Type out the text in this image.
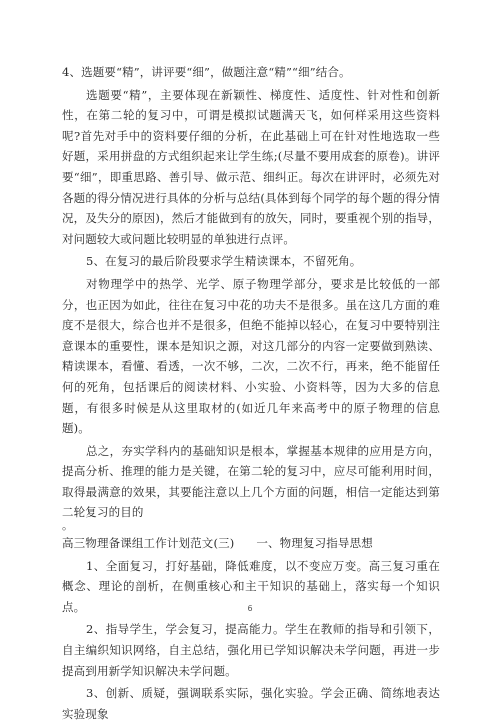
4、选题要“精”，讲评要“细”，做题注意“精”“细”结合。

选题要“精”，主要体现在新颖性、梯度性、适度性、针对性和创新性，在第二轮的复习中，可谓是模拟试题满天飞，如何样采用这些资料呢?首先对手中的资料要仔细的分析，在此基础上可在针对性地选取一些好题，采用拼盘的方式组织起来让学生练;(尽量不要用成套的原卷)。讲评要“细”，即重思路、善引导、做示范、细纠正。每次在讲评时，必须先对各题的得分情况进行具体的分析与总结(具体到每个同学的每个题的得分情况，及失分的原因)，然后才能做到有的放矢，同时，要重视个别的指导，对问题较大或问题比较明显的单独进行点评。

5、在复习的最后阶段要求学生精读课本，不留死角。

对物理学中的热学、光学、原子物理学部分，要求是比较低的一部分，也正因为如此，往往在复习中花的功夫不是很多。虽在这几方面的难度不是很大，综合也并不是很多，但绝不能掉以轻心，在复习中要特别注意课本的重要性，课本是知识之源，对这几部分的内容一定要做到熟读、精读课本，看懂、看透，一次不够，二次，二次不行，再来，绝不能留任何的死角，包括课后的阅读材料、小实验、小资料等，因为大多的信息题，有很多时候是从这里取材的(如近几年来高考中的原子物理的信息题)。

总之，夯实学科内的基础知识是根本，掌握基本规律的应用是方向，提高分析、推理的能力是关键，在第二轮的复习中，应尽可能利用时间，取得最满意的效果，其要能注意以上几个方面的问题，相信一定能达到第二轮复习的目的

。

高三物理备课组工作计划范文(三) 一、物理复习指导思想

1、全面复习，打好基础，降低难度，以不变应万变。高三复习重在概念、理论的剖析，在侧重核心和主干知识的基础上，落实每一个知识点。

2、指导学生，学会复习，提高能力。学生在教师的指导和引领下，自主编织知识网络，自主总结，强化用已学知识解决未学问题，再进一步提高到用新学知识解决未学问题。

3、创新、质疑，强调联系实际，强化实验。学会正确、简练地表达实验现象

6
